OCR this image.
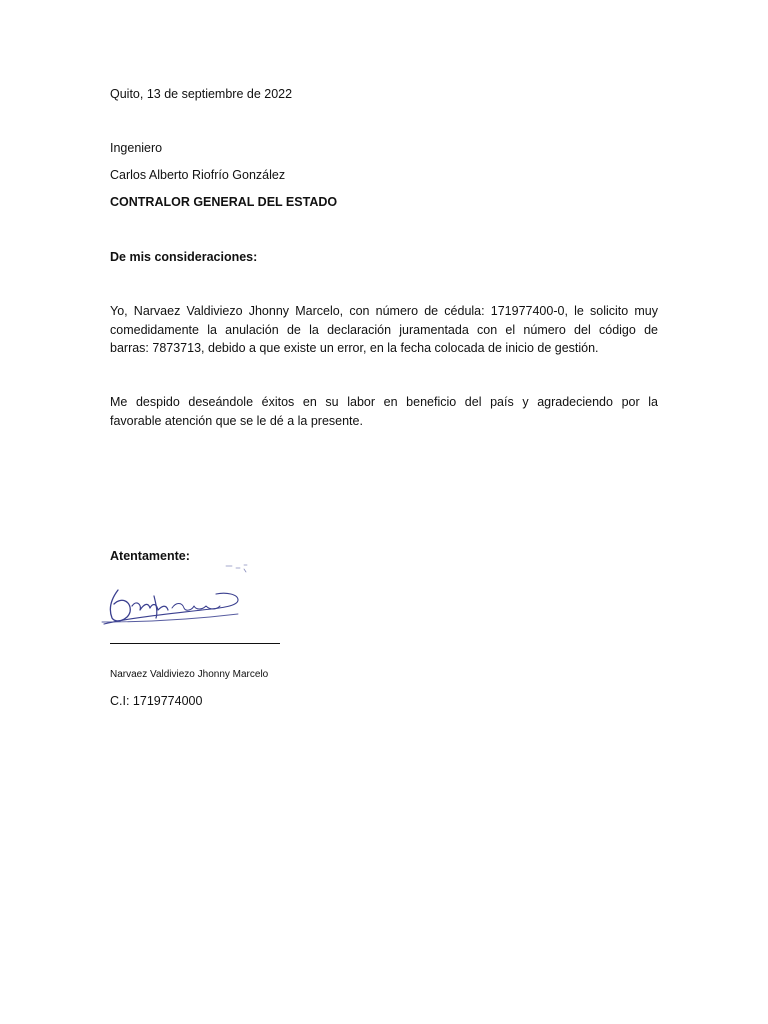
Quito, 13 de septiembre de 2022
Ingeniero
Carlos Alberto Riofrío González
CONTRALOR GENERAL DEL ESTADO
De mis consideraciones:
Yo, Narvaez Valdiviezo Jhonny Marcelo, con número de cédula: 171977400-0, le solicito muy
comedidamente la anulación de la declaración juramentada con el número del código de
barras: 7873713, debido a que existe un error, en la fecha colocada de inicio de gestión.
Me despido deseándole éxitos en su labor en beneficio del país y agradeciendo por la
favorable atención que se le dé a la presente.
Atentamente:
Narvaez Valdiviezo Jhonny Marcelo
C.I: 1719774000
